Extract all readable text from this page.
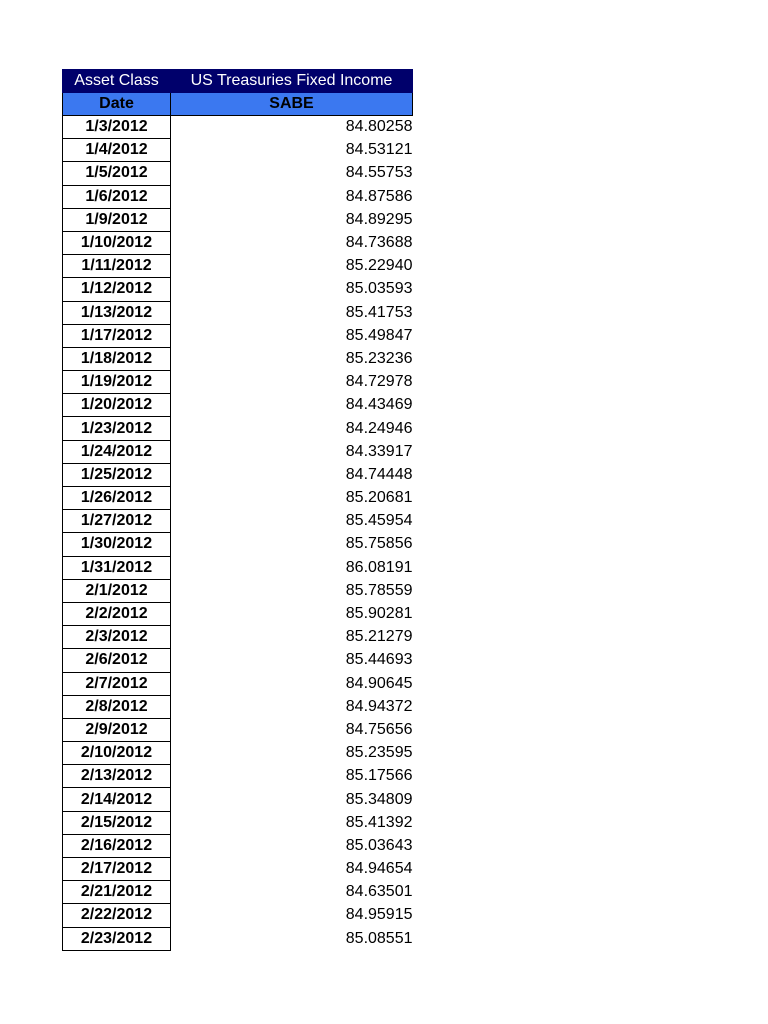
Asset Class	US Treasuries Fixed Income
Date	SABE
1/3/2012	84.80258
1/4/2012	84.53121
1/5/2012	84.55753
1/6/2012	84.87586
1/9/2012	84.89295
1/10/2012	84.73688
1/11/2012	85.22940
1/12/2012	85.03593
1/13/2012	85.41753
1/17/2012	85.49847
1/18/2012	85.23236
1/19/2012	84.72978
1/20/2012	84.43469
1/23/2012	84.24946
1/24/2012	84.33917
1/25/2012	84.74448
1/26/2012	85.20681
1/27/2012	85.45954
1/30/2012	85.75856
1/31/2012	86.08191
2/1/2012	85.78559
2/2/2012	85.90281
2/3/2012	85.21279
2/6/2012	85.44693
2/7/2012	84.90645
2/8/2012	84.94372
2/9/2012	84.75656
2/10/2012	85.23595
2/13/2012	85.17566
2/14/2012	85.34809
2/15/2012	85.41392
2/16/2012	85.03643
2/17/2012	84.94654
2/21/2012	84.63501
2/22/2012	84.95915
2/23/2012	85.08551
